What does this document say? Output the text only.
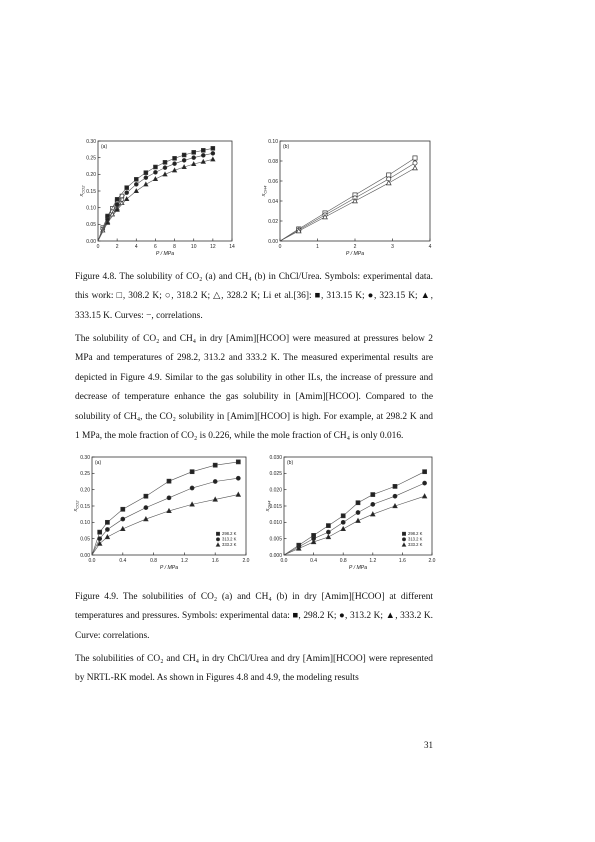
0	2	4	6	8	10	12	14
0.00
0.05
0.10
0.15
0.20
0.25
0.30
(a)
P / MPa
$x_{CO2}$
0	1	2	3	4
0.00
0.02
0.04
0.06
0.08
0.10
(b)
P / MPa
$x_{CH4}$

Figure 4.8. The solubility of CO₂ (a) and CH₄ (b) in ChCl/Urea. Symbols: experimental data. this work: □, 308.2 K; ○, 318.2 K; △, 328.2 K; Li et al.[36]: ■, 313.15 K; ●, 323.15 K; ▲, 333.15 K. Curves: −, correlations.

The solubility of CO₂ and CH₄ in dry [Amim][HCOO] were measured at pressures below 2 MPa and temperatures of 298.2, 313.2 and 333.2 K. The measured experimental results are depicted in Figure 4.9. Similar to the gas solubility in other ILs, the increase of pressure and decrease of temperature enhance the gas solubility in [Amim][HCOO]. Compared to the solubility of CH₄, the CO₂ solubility in [Amim][HCOO] is high. For example, at 298.2 K and 1 MPa, the mole fraction of CO₂ is 0.226, while the mole fraction of CH₄ is only 0.016.

0.0	0.4	0.8	1.2	1.6	2.0
0.00
0.05
0.10
0.15
0.20
0.25
0.30
(a)
P / MPa
$x_{CO2}$
298.2 K
313.2 K
333.2 K
0.0	0.4	0.8	1.2	1.6	2.0
0.000
0.005
0.010
0.015
0.020
0.025
0.030
(b)
P / MPa
$x_{CH4}$
298.2 K
313.2 K
333.2 K

Figure 4.9. The solubilities of CO₂ (a) and CH₄ (b) in dry [Amim][HCOO] at different temperatures and pressures. Symbols: experimental data: ■, 298.2 K; ●, 313.2 K; ▲, 333.2 K. Curve: correlations.

The solubilities of CO₂ and CH₄ in dry ChCl/Urea and dry [Amim][HCOO] were represented by NRTL-RK model. As shown in Figures 4.8 and 4.9, the modeling results

31
